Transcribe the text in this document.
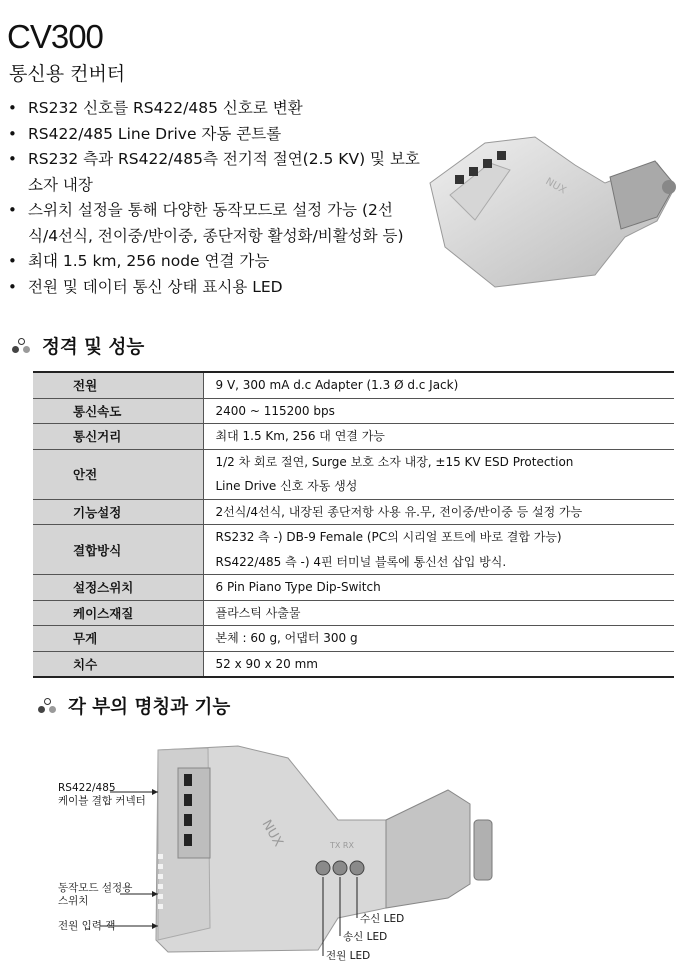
CV300
통신용 컨버터
• RS232 신호를 RS422/485 신호로 변환
• RS422/485 Line Drive 자동 콘트롤
• RS232 측과 RS422/485측 전기적 절연(2.5 KV) 및 보호소자 내장
• 스위치 설정을 통해 다양한 동작모드로 설정 가능 (2선식/4선식, 전이중/반이중, 종단저항 활성화/비활성화 등)
• 최대 1.5 km, 256 node 연결 가능
• 전원 및 데이터 통신 상태 표시용 LED
NUX
정격 및 성능
전원	9 V, 300 mA d.c Adapter (1.3 Ø d.c Jack)

통신속도	2400 ~ 115200 bps

통신거리	최대 1.5 Km, 256 대 연결 가능

안전	1/2 차 회로 절연, Surge 보호 소자 내장, ±15 KV ESD Protection
Line Drive 신호 자동 생성

기능설정	2선식/4선식, 내장된 종단저항 사용 유.무, 전이중/반이중 등 설정 가능

결합방식	RS232 측 -) DB-9 Female (PC의 시리얼 포트에 바로 결합 가능)
RS422/485 측 -) 4핀 터미널 블록에 통신선 삽입 방식.

설정스위치	6 Pin Piano Type Dip-Switch

케이스재질	플라스틱 사출물

무게	본체 : 60 g, 어댑터 300 g

치수	52 x 90 x 20 mm
각 부의 명칭과 기능
NUX	TX RX
RS422/485
케이블 결합 커넥터
동작모드 설정용
스위치
전원 입력 잭
수신 LED
송신 LED
전원 LED
